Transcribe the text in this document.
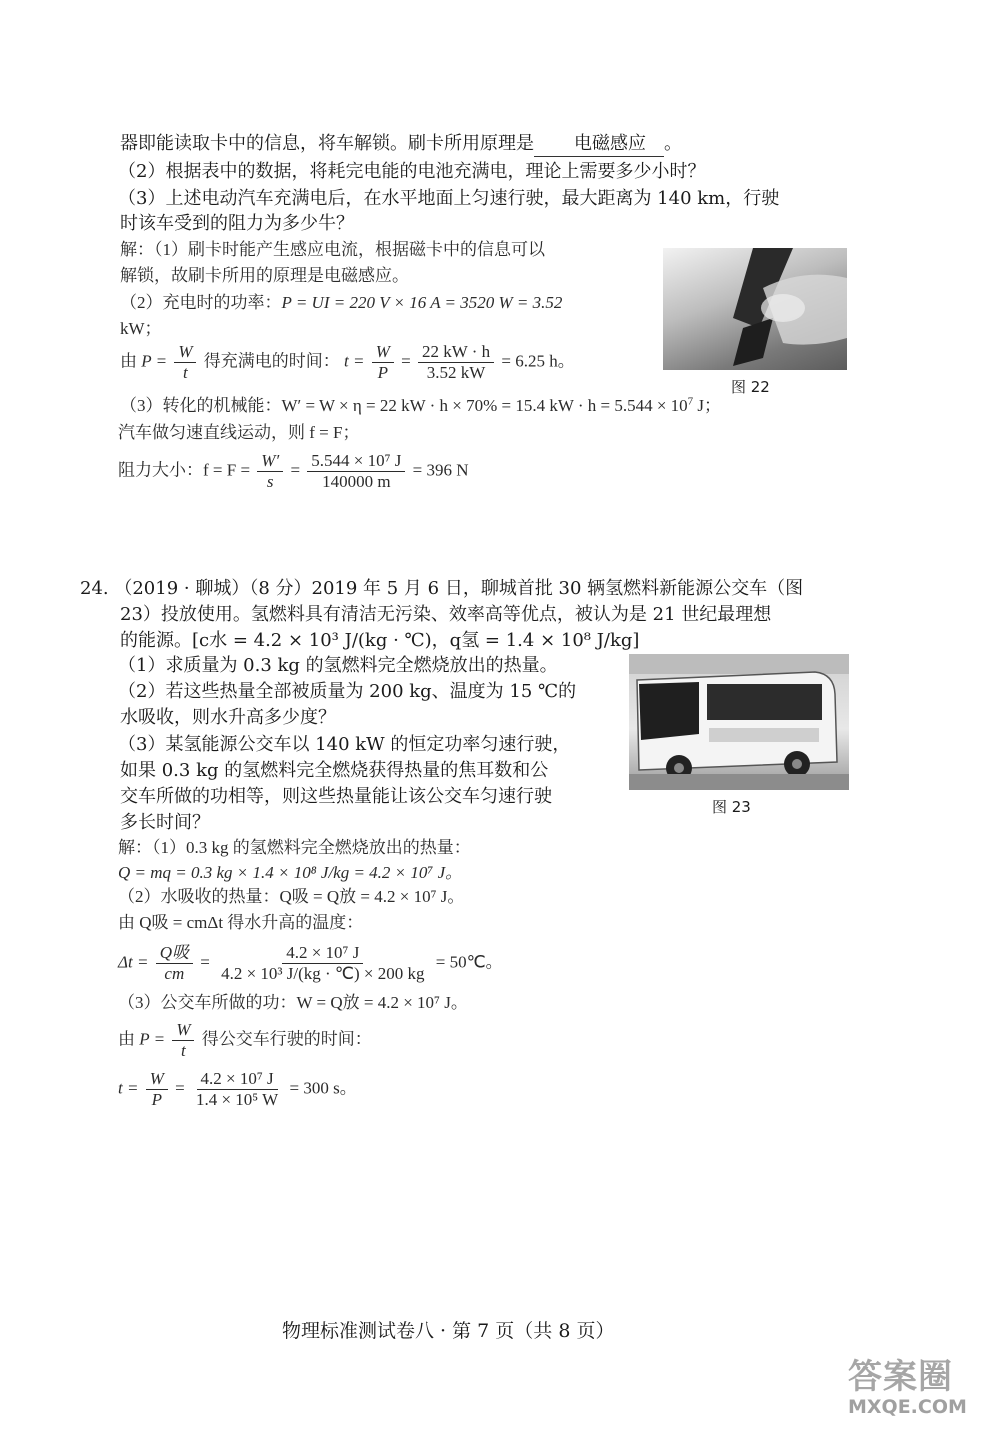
器即能读取卡中的信息，将车解锁。刷卡所用原理是 电磁感应 。
（2）根据表中的数据，将耗完电能的电池充满电，理论上需要多少小时？
（3）上述电动汽车充满电后，在水平地面上匀速行驶，最大距离为 140 km，行驶
时该车受到的阻力为多少牛？
解：（1）刷卡时能产生感应电流，根据磁卡中的信息可以
解锁，故刷卡所用的原理是电磁感应。
（2）充电时的功率：P = UI = 220 V × 16 A = 3520 W = 3.52
kW；
由 $P = \frac{W}{t}$ 得充满电的时间： $t = \frac{W}{P} = \frac{22 kW \cdot h}{3.52 kW} = 6.25$ h。
（3）转化的机械能：W′ = W × η = 22 kW · h × 70% = 15.4 kW · $h = 5.544 \times 10^7$ J；
汽车做匀速直线运动，则 f = F；
阻力大小：$f = F = \frac{W'}{s} = \frac{\text{5.544 × 10⁷ J}}{140000 m} = 396$ N
图 22
24. （2019 · 聊城）（8 分）2019 年 5 月 6 日，聊城首批 30 辆氢燃料新能源公交车（图
23）投放使用。氢燃料具有清洁无污染、效率高等优点，被认为是 21 世纪最理想
的能源。[c水 = 4.2 × 10³ J/(kg · ℃)，q氢 = 1.4 × 10⁸ J/kg]
（1）求质量为 0.3 kg 的氢燃料完全燃烧放出的热量。
（2）若这些热量全部被质量为 200 kg、温度为 15 ℃的
水吸收，则水升高多少度？
（3）某氢能源公交车以 140 kW 的恒定功率匀速行驶，
如果 0.3 kg 的氢燃料完全燃烧获得热量的焦耳数和公
交车所做的功相等，则这些热量能让该公交车匀速行驶
多长时间？
图 23
解：（1）0.3 kg 的氢燃料完全燃烧放出的热量：
Q = mq = 0.3 kg × 1.4 × 10⁸ J/kg = 4.2 × 10⁷ J。
（2）水吸收的热量：Q吸 = Q放 = 4.2 × 10⁷ J。
由 Q吸 = cmΔt 得水升高的温度：
$\Delta t = \frac{\text{Q吸}}{cm} = \frac{\text{4.2 × 10⁷ J}}{\text{4.2 × 10³ J/(kg · ℃) × 200 kg}}$ = 50℃。
（3）公交车所做的功：W = Q放 = 4.2 × 10⁷ J。
由 $P = \frac{W}{t}$ 得公交车行驶的时间：
$t = \frac{W}{P} = \frac{\text{4.2 × 10⁷ J}}{\text{1.4 × 10⁵ W}} = 300$ s。
物理标准测试卷八 · 第 7 页（共 8 页）
答案圈
MXQE.COM
